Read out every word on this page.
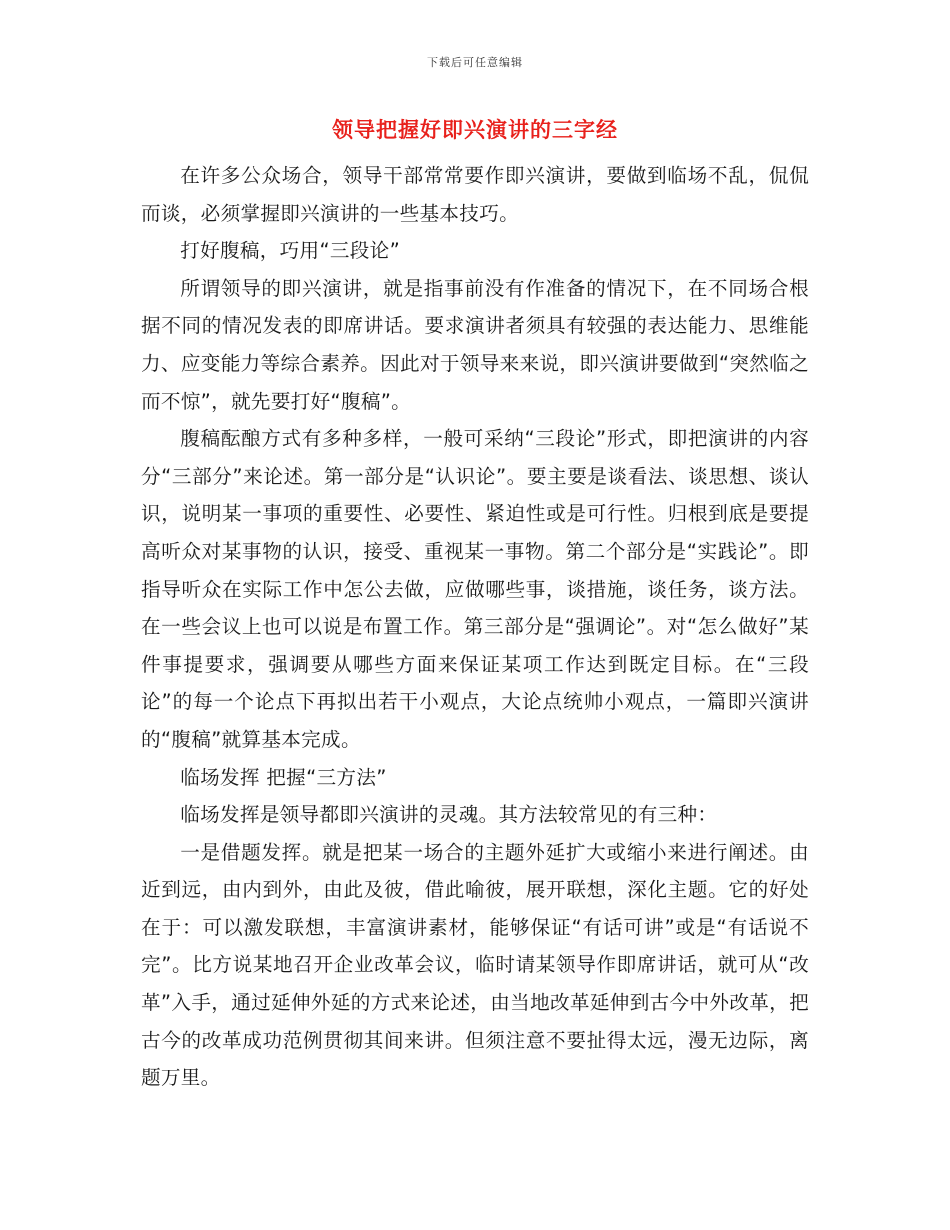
下载后可任意编辑
领导把握好即兴演讲的三字经

在许多公众场合，领导干部常常要作即兴演讲，要做到临场不乱，侃侃而谈，必须掌握即兴演讲的一些基本技巧。

打好腹稿，巧用“三段论”

所谓领导的即兴演讲，就是指事前没有作准备的情况下，在不同场合根据不同的情况发表的即席讲话。要求演讲者须具有较强的表达能力、思维能力、应变能力等综合素养。因此对于领导来来说，即兴演讲要做到“突然临之而不惊”，就先要打好“腹稿”。

腹稿酝酿方式有多种多样，一般可采纳“三段论”形式，即把演讲的内容分“三部分”来论述。第一部分是“认识论”。要主要是谈看法、谈思想、谈认识，说明某一事项的重要性、必要性、紧迫性或是可行性。归根到底是要提高听众对某事物的认识，接受、重视某一事物。第二个部分是“实践论”。即指导听众在实际工作中怎公去做，应做哪些事，谈措施，谈任务，谈方法。在一些会议上也可以说是布置工作。第三部分是“强调论”。对“怎么做好”某件事提要求，强调要从哪些方面来保证某项工作达到既定目标。在“三段论”的每一个论点下再拟出若干小观点，大论点统帅小观点，一篇即兴演讲的“腹稿”就算基本完成。

临场发挥 把握“三方法”

临场发挥是领导都即兴演讲的灵魂。其方法较常见的有三种：

一是借题发挥。就是把某一场合的主题外延扩大或缩小来进行阐述。由近到远，由内到外，由此及彼，借此喻彼，展开联想，深化主题。它的好处在于：可以激发联想，丰富演讲素材，能够保证“有话可讲”或是“有话说不完”。比方说某地召开企业改革会议，临时请某领导作即席讲话，就可从“改革”入手，通过延伸外延的方式来论述，由当地改革延伸到古今中外改革，把古今的改革成功范例贯彻其间来讲。但须注意不要扯得太远，漫无边际，离题万里。
